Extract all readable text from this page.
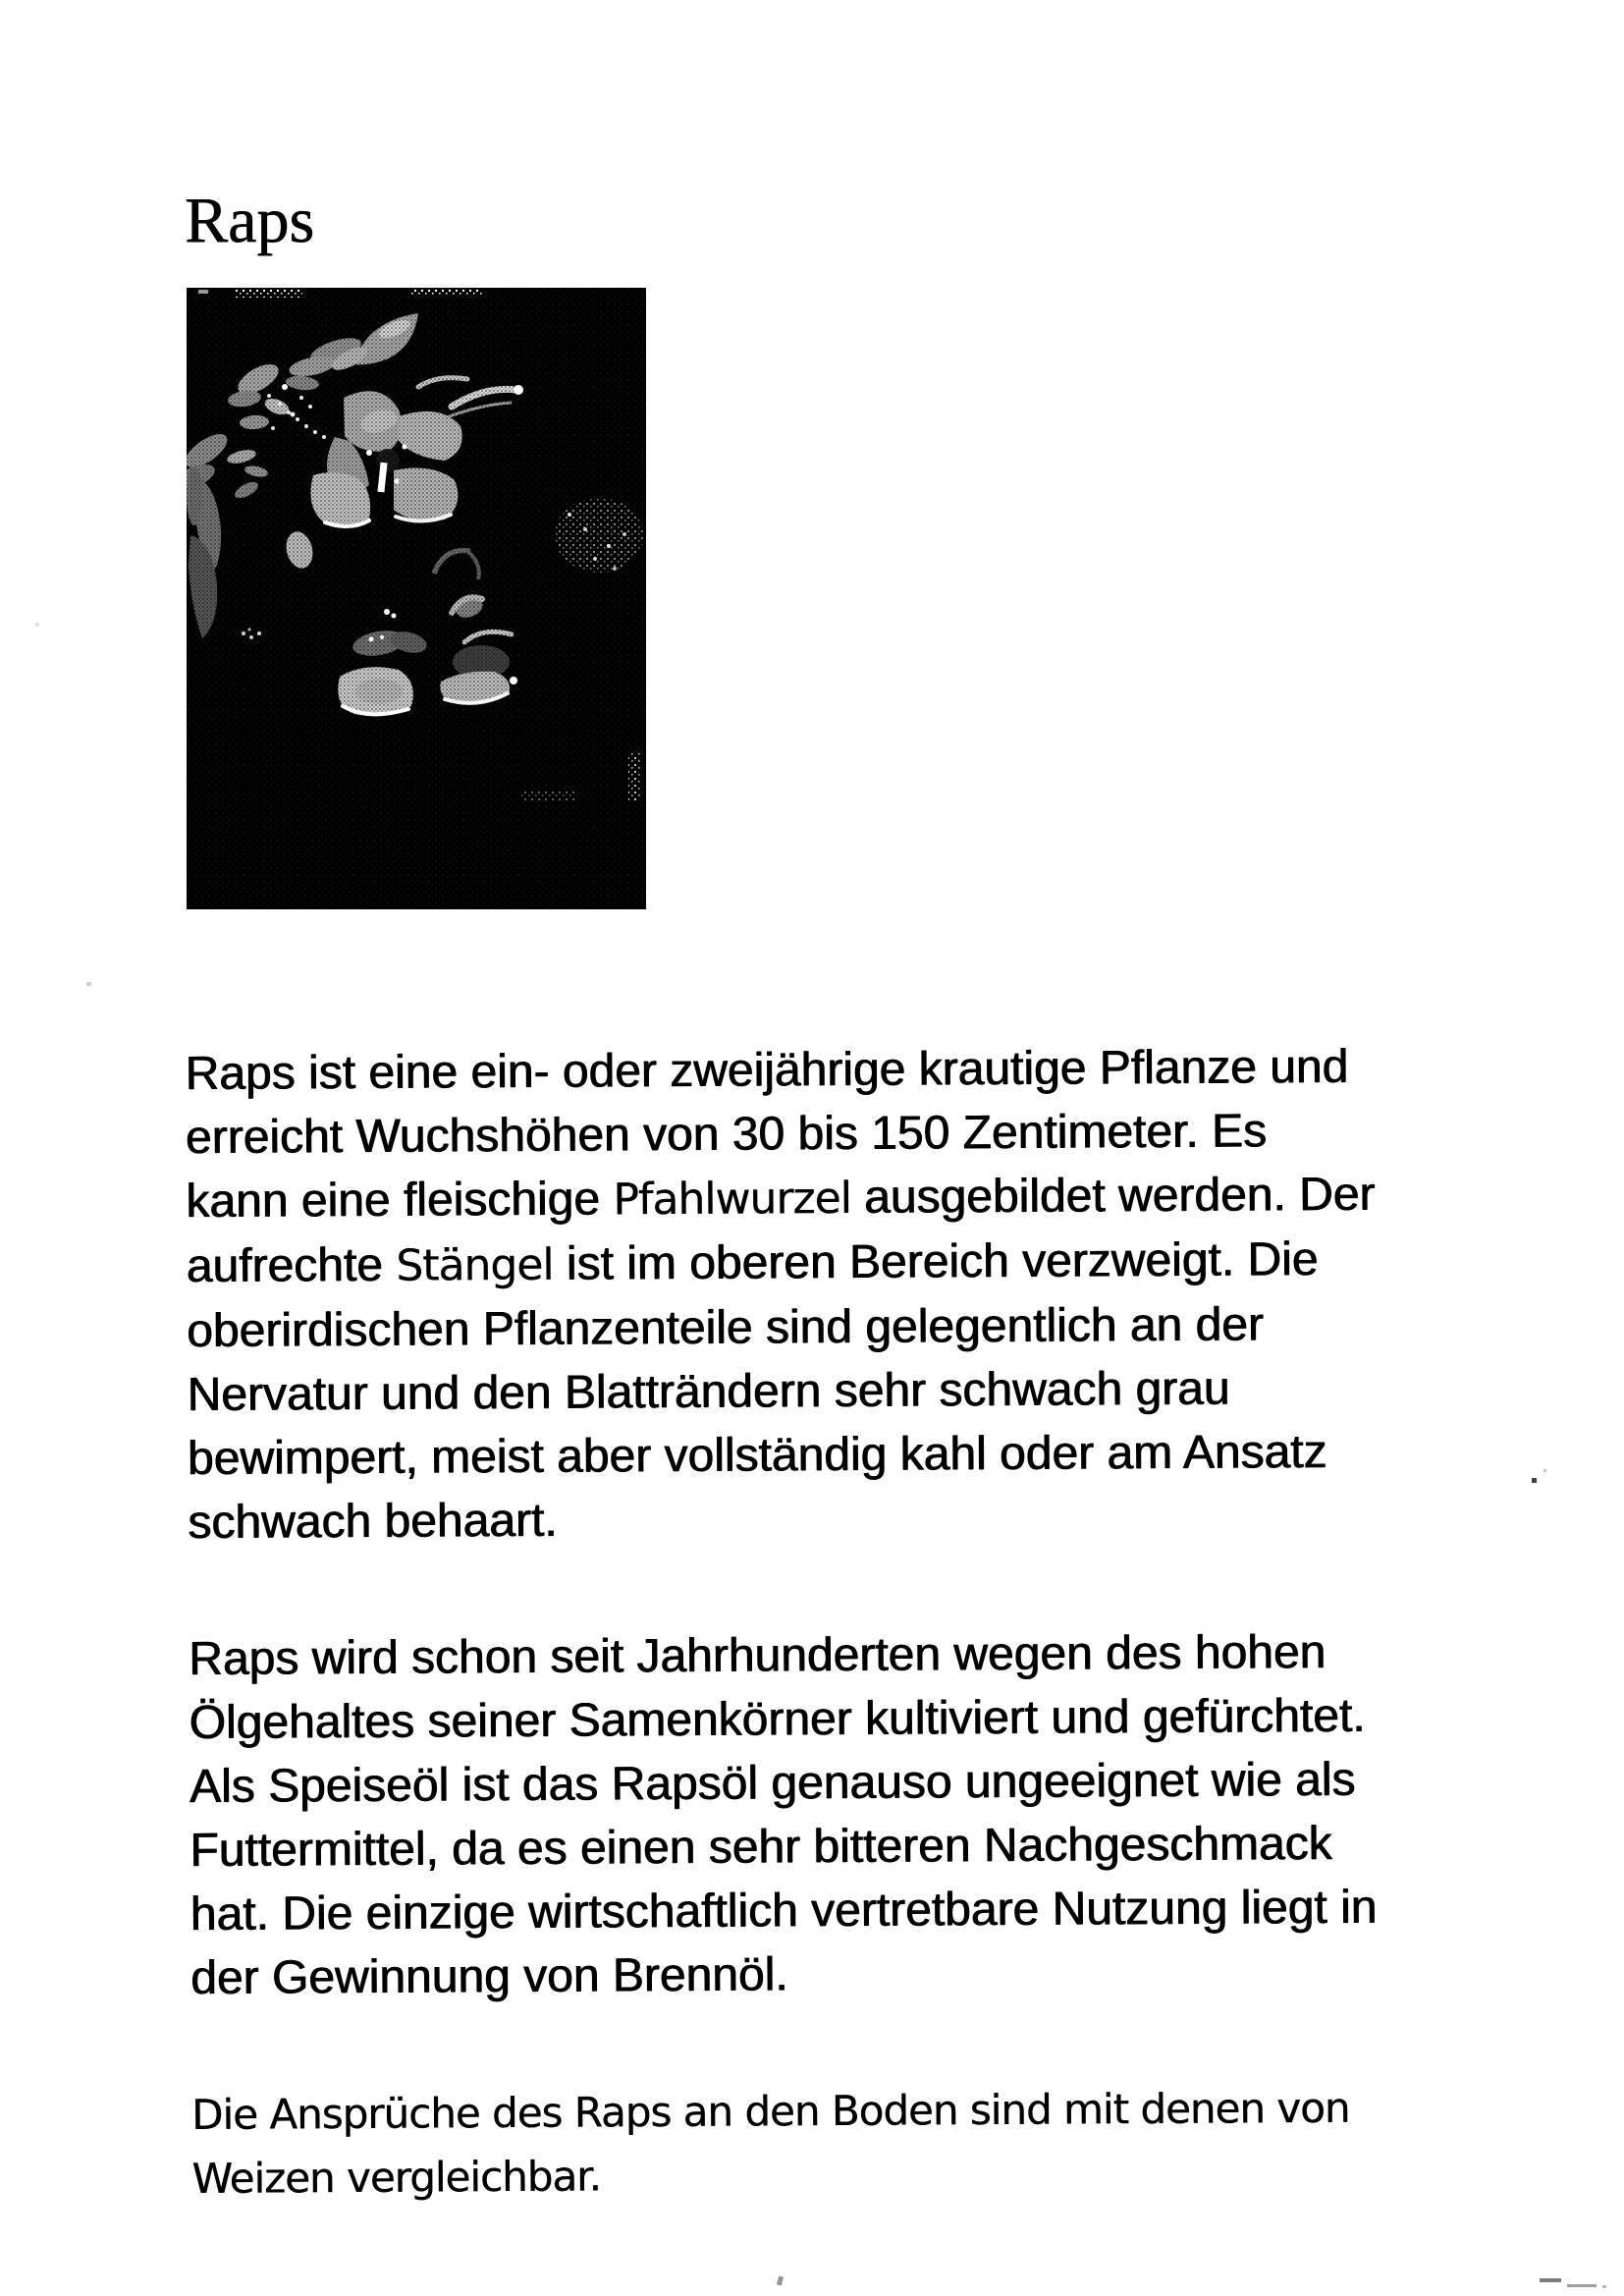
Raps

Raps ist eine ein- oder zweijährige krautige Pflanze und
erreicht Wuchshöhen von 30 bis 150 Zentimeter. Es
kann eine fleischige Pfahlwurzel ausgebildet werden. Der
aufrechte Stängel ist im oberen Bereich verzweigt. Die
oberirdischen Pflanzenteile sind gelegentlich an der
Nervatur und den Blatträndern sehr schwach grau
bewimpert, meist aber vollständig kahl oder am Ansatz
schwach behaart.

Raps wird schon seit Jahrhunderten wegen des hohen
Ölgehaltes seiner Samenkörner kultiviert und gefürchtet.
Als Speiseöl ist das Rapsöl genauso ungeeignet wie als
Futtermittel, da es einen sehr bitteren Nachgeschmack
hat. Die einzige wirtschaftlich vertretbare Nutzung liegt in
der Gewinnung von Brennöl.

Die Ansprüche des Raps an den Boden sind mit denen von
Weizen vergleichbar.
